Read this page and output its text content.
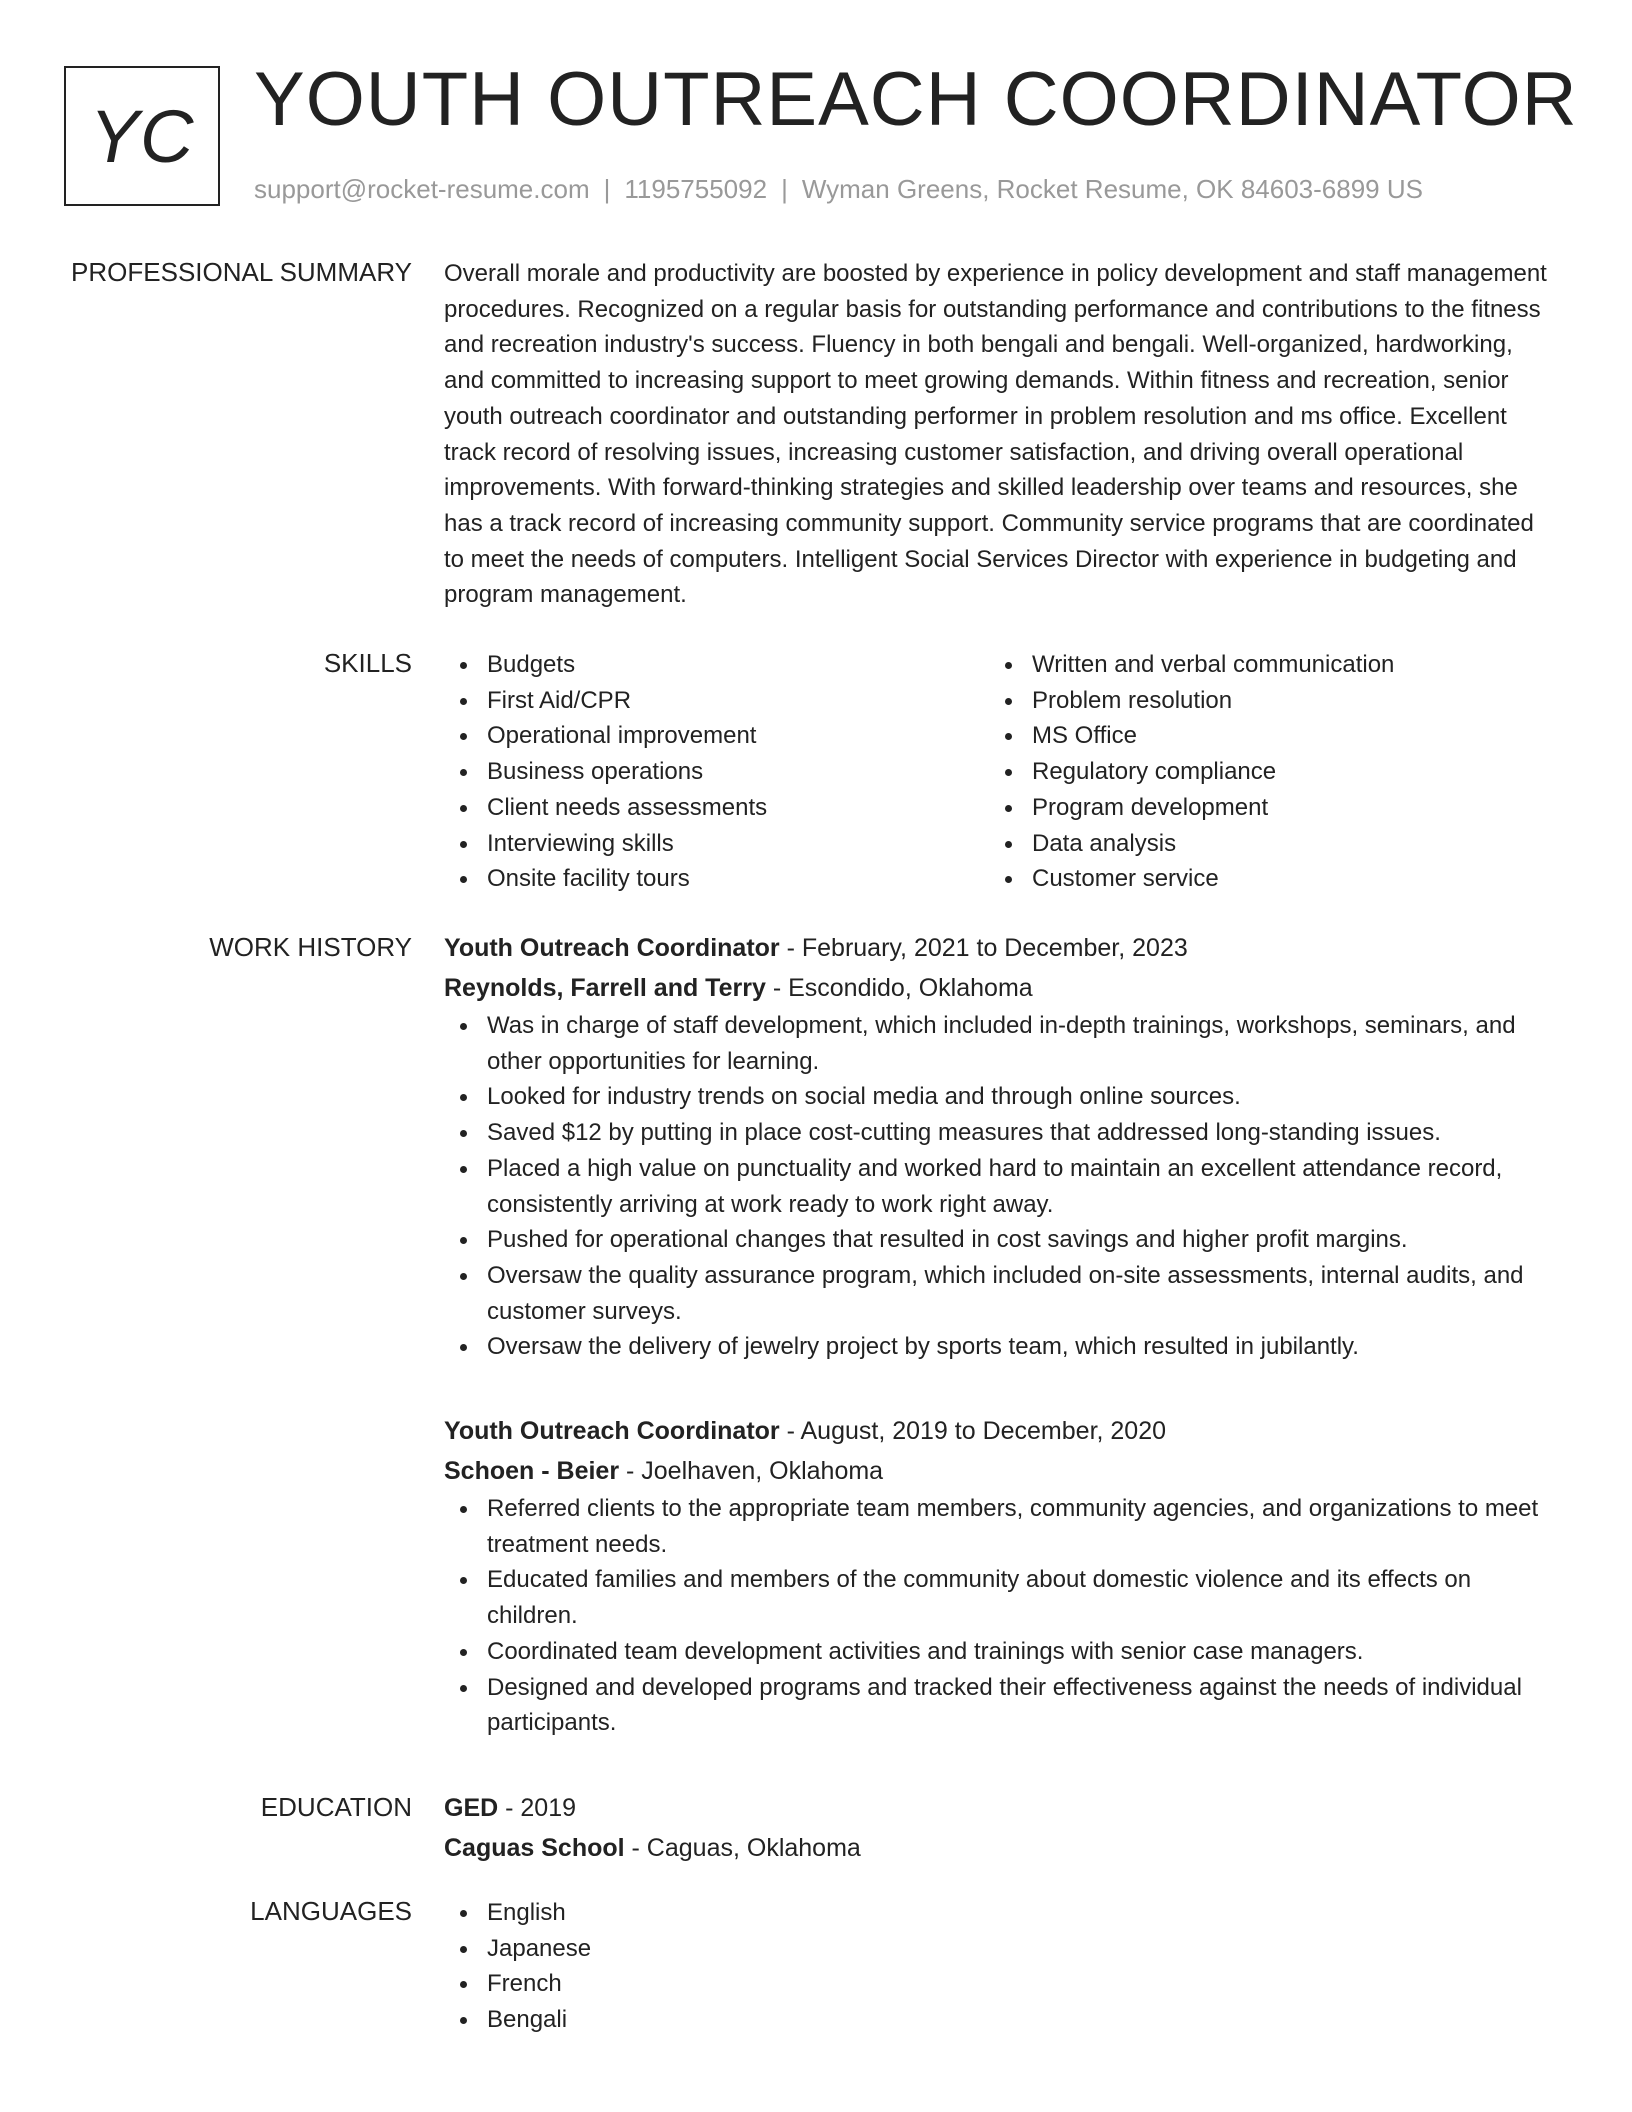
YC YOUTH OUTREACH COORDINATOR
support@rocket-resume.com | 1195755092 | Wyman Greens, Rocket Resume, OK 84603-6899 US
PROFESSIONAL SUMMARY Overall morale and productivity are boosted by experience in policy development and staff management procedures. Recognized on a regular basis for outstanding performance and contributions to the fitness and recreation industry's success. Fluency in both bengali and bengali. Well-organized, hardworking, and committed to increasing support to meet growing demands. Within fitness and recreation, senior youth outreach coordinator and outstanding performer in problem resolution and ms office. Excellent track record of resolving issues, increasing customer satisfaction, and driving overall operational improvements. With forward-thinking strategies and skilled leadership over teams and resources, she has a track record of increasing community support. Community service programs that are coordinated to meet the needs of computers. Intelligent Social Services Director with experience in budgeting and program management.

SKILLS	Budgets
First Aid/CPR
Operational improvement
Business operations
Client needs assessments
Interviewing skills
Onsite facility tours
Written and verbal communication
Problem resolution
MS Office
Regulatory compliance
Program development
Data analysis
Customer service
WORK HISTORY Youth Outreach Coordinator - February, 2021 to December, 2023
Reynolds, Farrell and Terry - Escondido, Oklahoma
Was in charge of staff development, which included in-depth trainings, workshops, seminars, and other opportunities for learning.
Looked for industry trends on social media and through online sources.
Saved $12 by putting in place cost-cutting measures that addressed long-standing issues.
Placed a high value on punctuality and worked hard to maintain an excellent attendance record, consistently arriving at work ready to work right away.
Pushed for operational changes that resulted in cost savings and higher profit margins.
Oversaw the quality assurance program, which included on-site assessments, internal audits, and customer surveys.
Oversaw the delivery of jewelry project by sports team, which resulted in jubilantly.
Youth Outreach Coordinator - August, 2019 to December, 2020
Schoen - Beier - Joelhaven, Oklahoma
Referred clients to the appropriate team members, community agencies, and organizations to meet treatment needs.
Educated families and members of the community about domestic violence and its effects on children.
Coordinated team development activities and trainings with senior case managers.
Designed and developed programs and tracked their effectiveness against the needs of individual participants.
EDUCATION GED - 2019
Caguas School - Caguas, Oklahoma
LANGUAGES	English
Japanese
French
Bengali
